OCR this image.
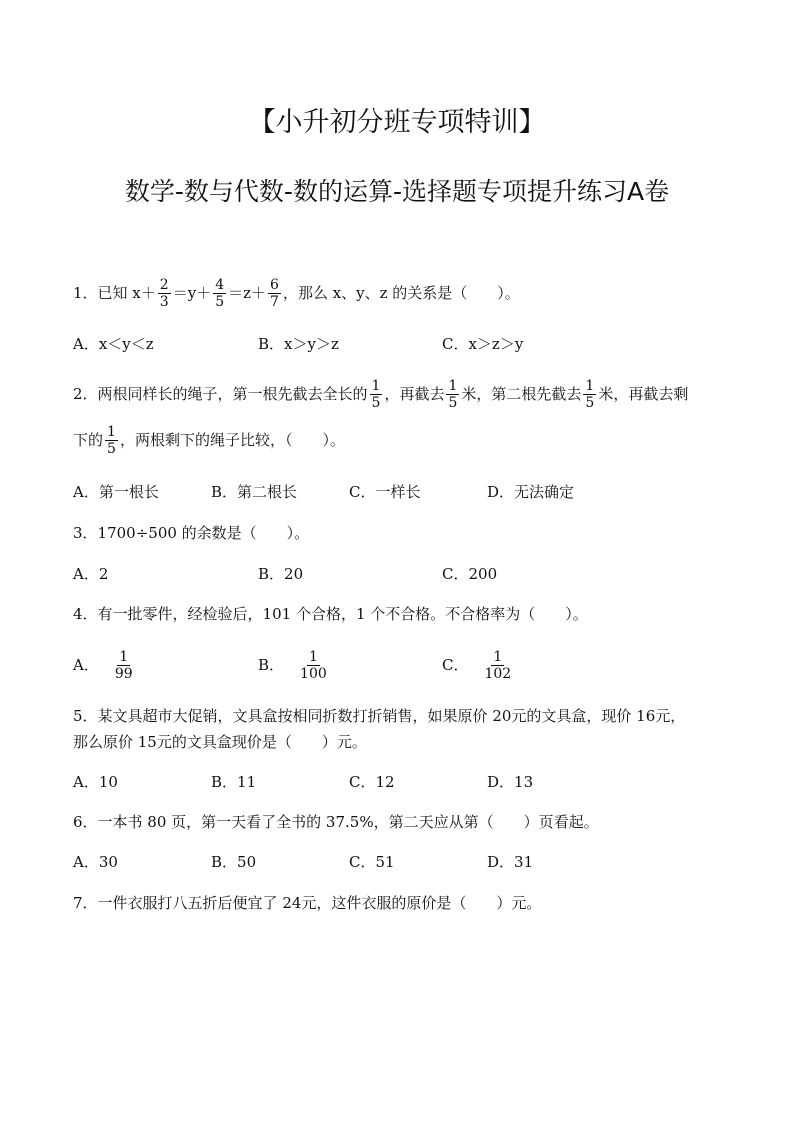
【小升初分班专项特训】
数学-数与代数-数的运算-选择题专项提升练习A卷
1．已知 $x+ \frac{2}{3} =y+ \frac{4}{5} =z+ \frac{6}{7}$ ，那么 x、y、z 的关系是（　　）。
A．x＜y＜z	B．x＞y＞z	C．x＞z＞y
2．两根同样长的绳子，第一根先截去全长的 $\frac{1}{5}$ ，再截去 $\frac{1}{5}$ 米，第二根先截去 $\frac{1}{5}$ 米，再截去剩
下的 $\frac{1}{5}$ ，两根剩下的绳子比较，（　　）。
A．第一根长	B．第二根长	C．一样长	D．无法确定
3．1700÷500 的余数是（　　）。
A．2	B．20	C．200
4．有一批零件，经检验后，101 个合格，1 个不合格。不合格率为（　　）。
A． $\frac{1}{99}$	B． $\frac{1}{100}$	C． $\frac{1}{102}$
5．某文具超市大促销，文具盒按相同折数打折销售，如果原价 20元的文具盒，现价 16元，
那么原价 15元的文具盒现价是（　　）元。
A．10	B．11	C．12	D．13
6．一本书 80 页，第一天看了全书的 37.5%，第二天应从第（　　）页看起。
A．30	B．50	C．51	D．31
7．一件衣服打八五折后便宜了 24元，这件衣服的原价是（　　）元。
